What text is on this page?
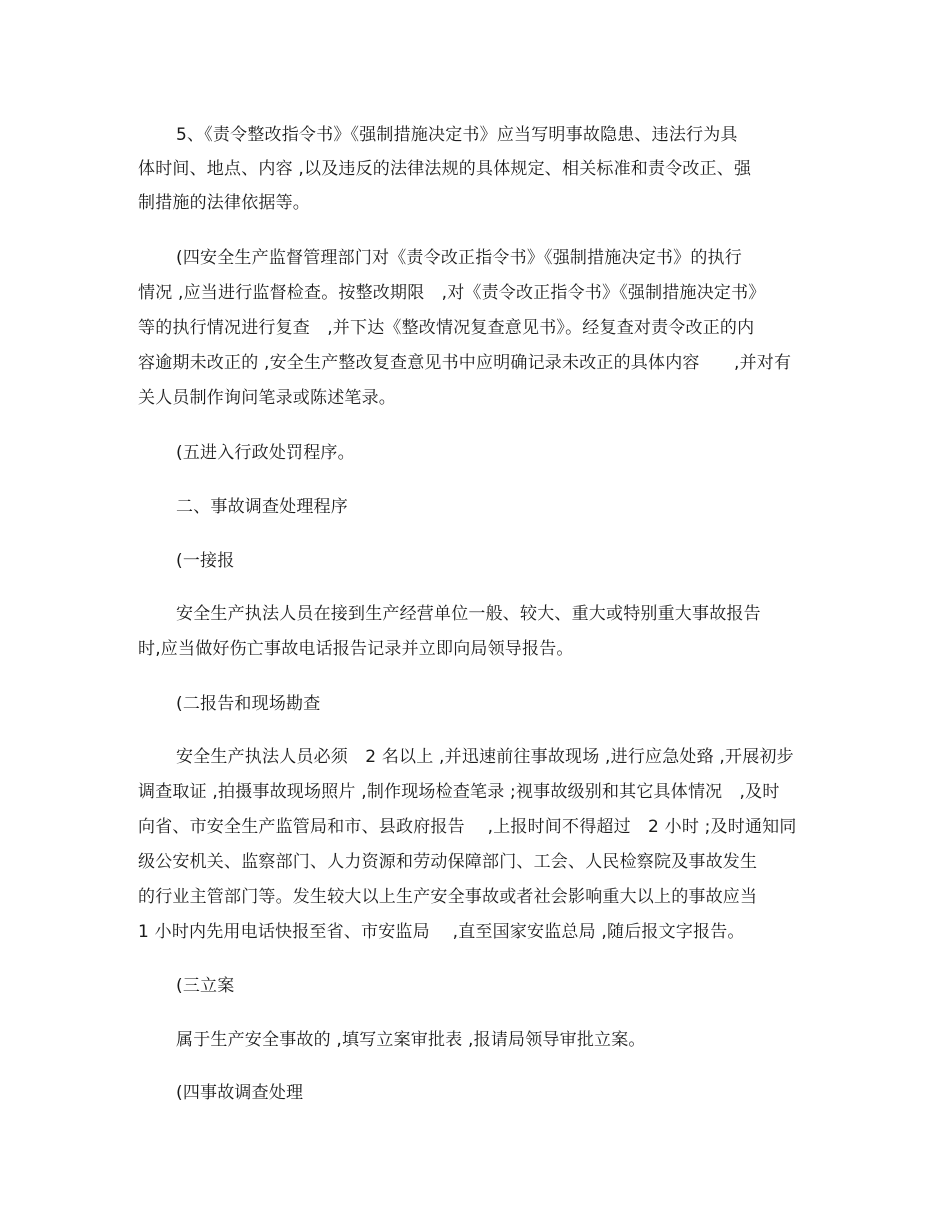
5、《责令整改指令书》《强制措施决定书》应当写明事故隐患、违法行为具
体时间、地点、内容 ,以及违反的法律法规的具体规定、相关标准和责令改正、强
制措施的法律依据等。
(四安全生产监督管理部门对《责令改正指令书》《强制措施决定书》的执行
情况 ,应当进行监督检查。按整改期限　,对《责令改正指令书》《强制措施决定书》
等的执行情况进行复查　,并下达《整改情况复查意见书》。经复查对责令改正的内
容逾期未改正的 ,安全生产整改复查意见书中应明确记录未改正的具体内容　　,并对有
关人员制作询问笔录或陈述笔录。
(五进入行政处罚程序。
二、事故调查处理程序
(一接报
安全生产执法人员在接到生产经营单位一般、较大、重大或特别重大事故报告
时,应当做好伤亡事故电话报告记录并立即向局领导报告。
(二报告和现场勘查
安全生产执法人员必须　2 名以上 ,并迅速前往事故现场 ,进行应急处臵 ,开展初步
调查取证 ,拍摄事故现场照片 ,制作现场检查笔录 ;视事故级别和其它具体情况　,及时
向省、市安全生产监管局和市、县政府报告　 ,上报时间不得超过　2 小时 ;及时通知同
级公安机关、监察部门、人力资源和劳动保障部门、工会、人民检察院及事故发生
的行业主管部门等。发生较大以上生产安全事故或者社会影响重大以上的事故应当
1 小时内先用电话快报至省、市安监局　 ,直至国家安监总局 ,随后报文字报告。
(三立案
属于生产安全事故的 ,填写立案审批表 ,报请局领导审批立案。
(四事故调查处理
